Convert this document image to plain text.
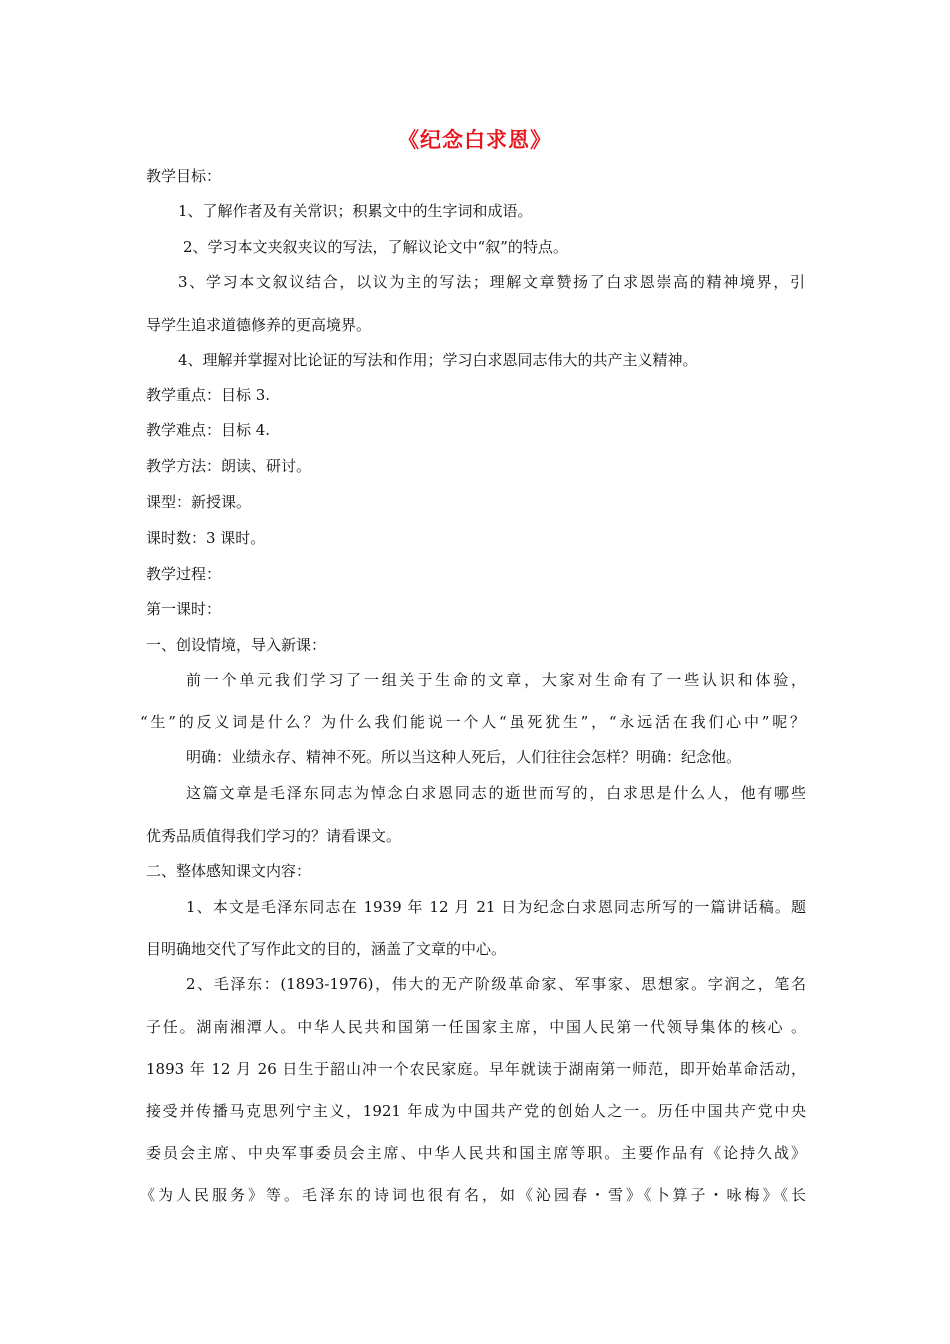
《纪念白求恩》
教学目标：
1、了解作者及有关常识；积累文中的生字词和成语。
2、学习本文夹叙夹议的写法，了解议论文中“叙”的特点。
3、学习本文叙议结合，以议为主的写法；理解文章赞扬了白求恩崇高的精神境界，引
导学生追求道德修养的更高境界。
4、理解并掌握对比论证的写法和作用；学习白求恩同志伟大的共产主义精神。
教学重点：目标 3.
教学难点：目标 4.
教学方法：朗读、研讨。
课型：新授课。
课时数：3 课时。
教学过程：
第一课时：
一、创设情境，导入新课：
前一个单元我们学习了一组关于生命的文章，大家对生命有了一些认识和体验，
“生”的反义词是什么？为什么我们能说一个人“虽死犹生”，“永远活在我们心中”呢？
明确：业绩永存、精神不死。所以当这种人死后，人们往往会怎样？明确：纪念他。
这篇文章是毛泽东同志为悼念白求恩同志的逝世而写的，白求思是什么人，他有哪些
优秀品质值得我们学习的？请看课文。
二、整体感知课文内容：
1、本文是毛泽东同志在 1939 年 12 月 21 日为纪念白求恩同志所写的一篇讲话稿。题
目明确地交代了写作此文的目的，涵盖了文章的中心。
2、毛泽东：(1893-1976)，伟大的无产阶级革命家、军事家、思想家。字润之，笔名
子任。湖南湘潭人。中华人民共和国第一任国家主席，中国人民第一代领导集体的核心 。
1893 年 12 月 26 日生于韶山冲一个农民家庭。早年就读于湖南第一师范，即开始革命活动，
接受并传播马克思列宁主义，1921 年成为中国共产党的创始人之一。历任中国共产党中央
委员会主席、中央军事委员会主席、中华人民共和国主席等职。主要作品有《论持久战》
《为人民服务》等。毛泽东的诗词也很有名，如《沁园春・雪》《卜算子・咏梅》《长
